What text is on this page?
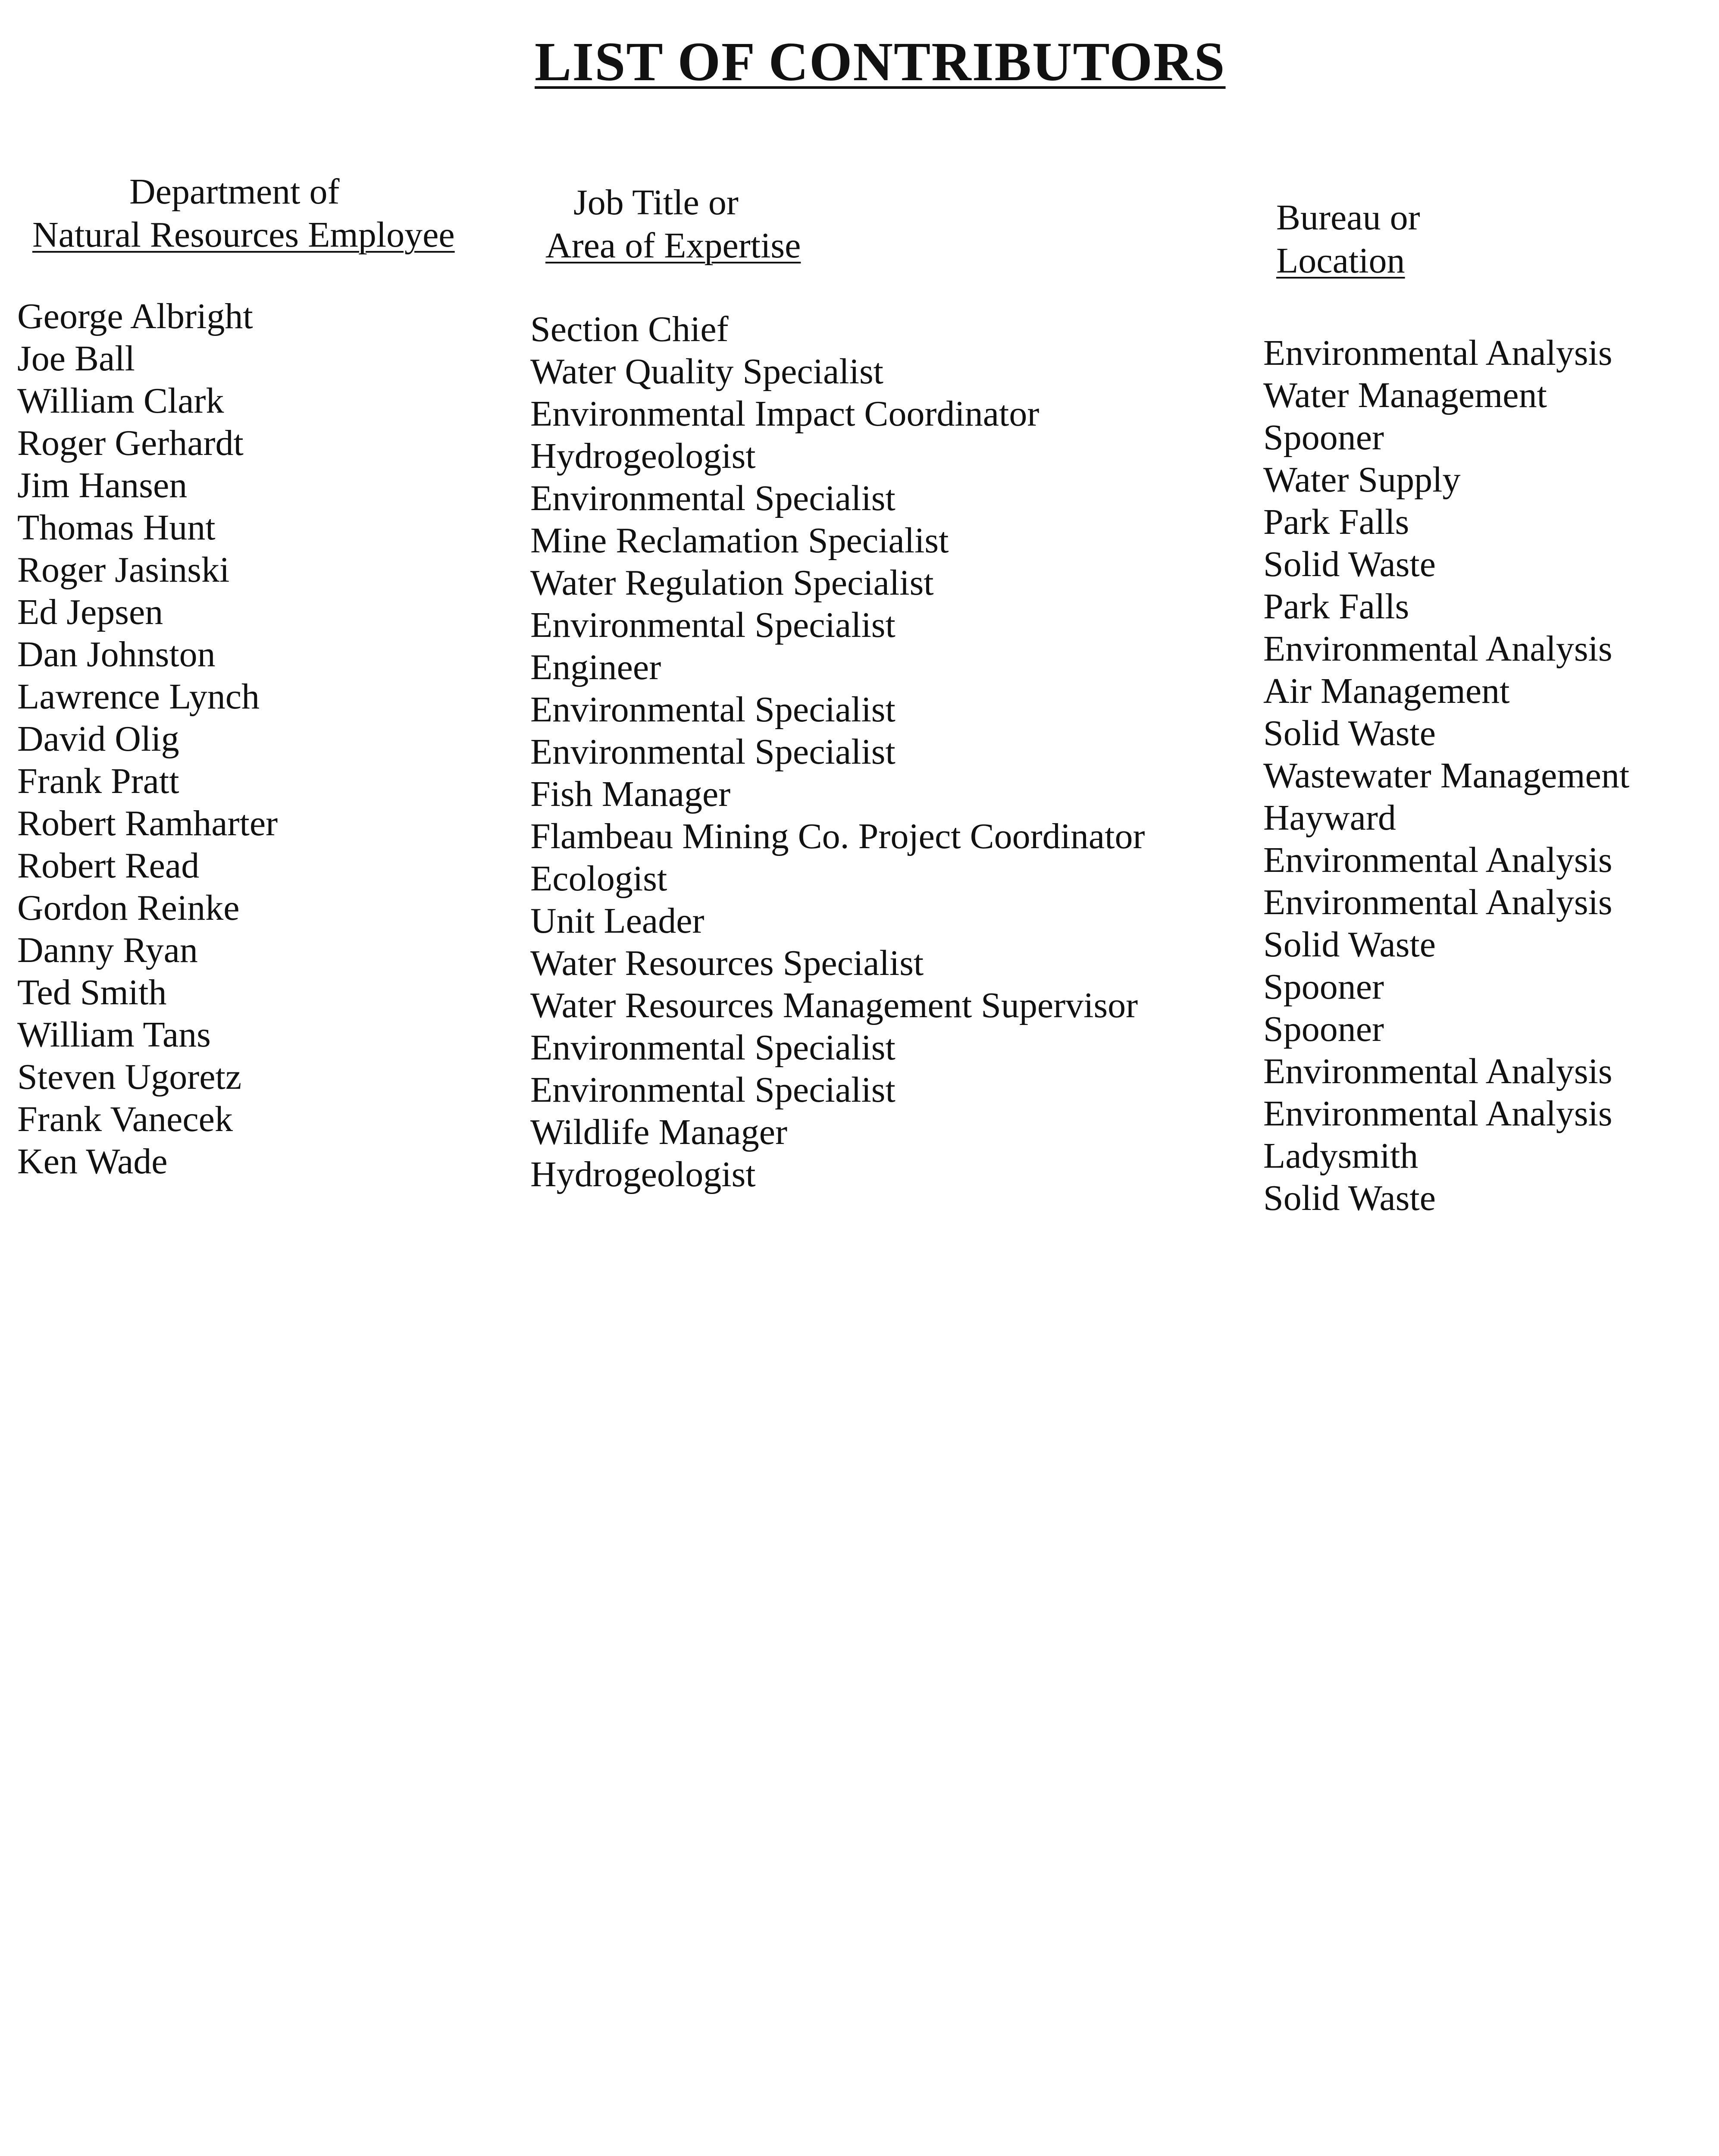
LIST OF CONTRIBUTORS
Department of
Natural Resources Employee
Job Title or
Area of Expertise
Bureau or
Location
George Albright
Joe Ball
William Clark
Roger Gerhardt
Jim Hansen
Thomas Hunt
Roger Jasinski
Ed Jepsen
Dan Johnston
Lawrence Lynch
David Olig
Frank Pratt
Robert Ramharter
Robert Read
Gordon Reinke
Danny Ryan
Ted Smith
William Tans
Steven Ugoretz
Frank Vanecek
Ken Wade
Section Chief
Water Quality Specialist
Environmental Impact Coordinator
Hydrogeologist
Environmental Specialist
Mine Reclamation Specialist
Water Regulation Specialist
Environmental Specialist
Engineer
Environmental Specialist
Environmental Specialist
Fish Manager
Flambeau Mining Co. Project Coordinator
Ecologist
Unit Leader
Water Resources Specialist
Water Resources Management Supervisor
Environmental Specialist
Environmental Specialist
Wildlife Manager
Hydrogeologist
Environmental Analysis
Water Management
Spooner
Water Supply
Park Falls
Solid Waste
Park Falls
Environmental Analysis
Air Management
Solid Waste
Wastewater Management
Hayward
Environmental Analysis
Environmental Analysis
Solid Waste
Spooner
Spooner
Environmental Analysis
Environmental Analysis
Ladysmith
Solid Waste
